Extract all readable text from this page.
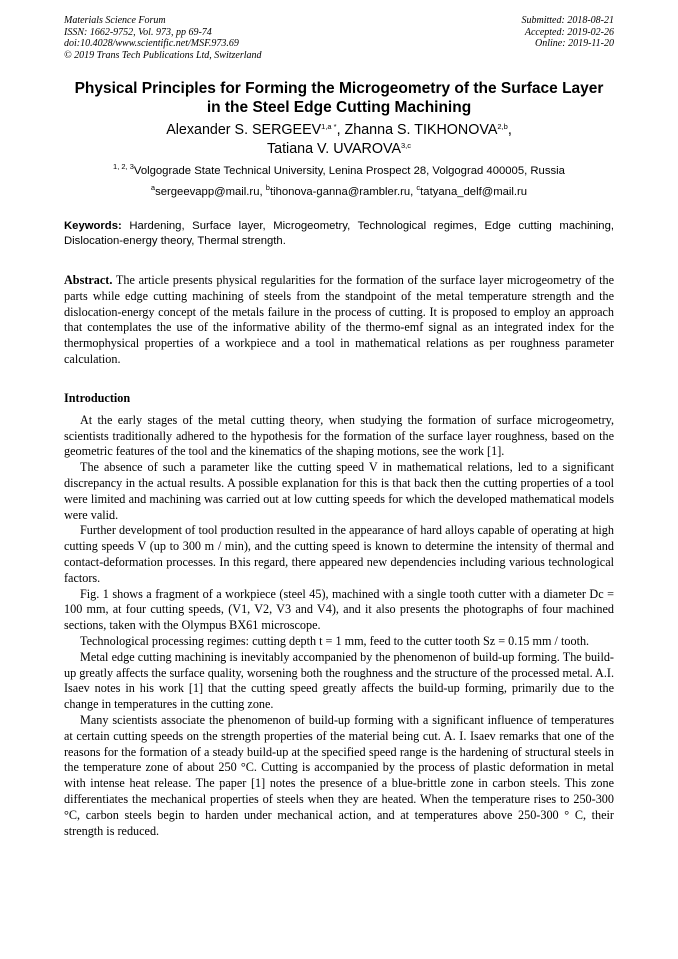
Materials Science Forum
ISSN: 1662-9752, Vol. 973, pp 69-74
doi:10.4028/www.scientific.net/MSF.973.69
© 2019 Trans Tech Publications Ltd, Switzerland
Submitted: 2018-08-21
Accepted: 2019-02-26
Online: 2019-11-20
Physical Principles for Forming the Microgeometry of the Surface Layer
in the Steel Edge Cutting Machining
Alexander S. $SERGEEV^{1,a *}$, Zhanna S. TIKHONOVA$^{2,b}$,
Tatiana V. UVAROVA$^{3,c}$
$^{1, 2, 3}$Volgograde State Technical University, Lenina Prospect 28, Volgograd 400005, Russia
$^a$sergeevapp@mail.ru, $^b$tihonova-ganna@rambler.ru, $^c$tatyana_delf@mail.ru
Keywords: Hardening, Surface layer, Microgeometry, Technological regimes, Edge cutting machining, Dislocation-energy theory, Thermal strength.
Abstract. The article presents physical regularities for the formation of the surface layer microgeometry of the parts while edge cutting machining of steels from the standpoint of the metal temperature strength and the dislocation-energy concept of the metals failure in the process of cutting. It is proposed to employ an approach that contemplates the use of the informative ability of the thermo-emf signal as an integrated index for the thermophysical properties of a workpiece and a tool in mathematical relations as per roughness parameter calculation.
Introduction

At the early stages of the metal cutting theory, when studying the formation of surface microgeometry, scientists traditionally adhered to the hypothesis for the formation of the surface layer roughness, based on the geometric features of the tool and the kinematics of the shaping motions, see the work [1].

The absence of such a parameter like the cutting speed V in mathematical relations, led to a significant discrepancy in the actual results. A possible explanation for this is that back then the cutting properties of a tool were limited and machining was carried out at low cutting speeds for which the developed mathematical models were valid.

Further development of tool production resulted in the appearance of hard alloys capable of operating at high cutting speeds V (up to 300 m / min), and the cutting speed is known to determine the intensity of thermal and contact-deformation processes. In this regard, there appeared new dependencies including various technological factors.

Fig. 1 shows a fragment of a workpiece (steel 45), machined with a single tooth cutter with a diameter Dc = 100 mm, at four cutting speeds, (V1, V2, V3 and V4), and it also presents the photographs of four machined sections, taken with the Olympus BX61 microscope.

Technological processing regimes: cutting depth t = 1 mm, feed to the cutter tooth Sz = 0.15 mm / tooth.

Metal edge cutting machining is inevitably accompanied by the phenomenon of build-up forming. The build-up greatly affects the surface quality, worsening both the roughness and the structure of the processed metal. A.I. Isaev notes in his work [1] that the cutting speed greatly affects the build-up forming, primarily due to the change in temperatures in the cutting zone.

Many scientists associate the phenomenon of build-up forming with a significant influence of temperatures at certain cutting speeds on the strength properties of the material being cut. A. I. Isaev remarks that one of the reasons for the formation of a steady build-up at the specified speed range is the hardening of structural steels in the temperature zone of about 250 °C. Cutting is accompanied by the process of plastic deformation in metal with intense heat release. The paper [1] notes the presence of a blue-brittle zone in carbon steels. This zone differentiates the mechanical properties of steels when they are heated. When the temperature rises to 250-300 °C, carbon steels begin to harden under mechanical action, and at temperatures above 250-300 ° C, their strength is reduced.
